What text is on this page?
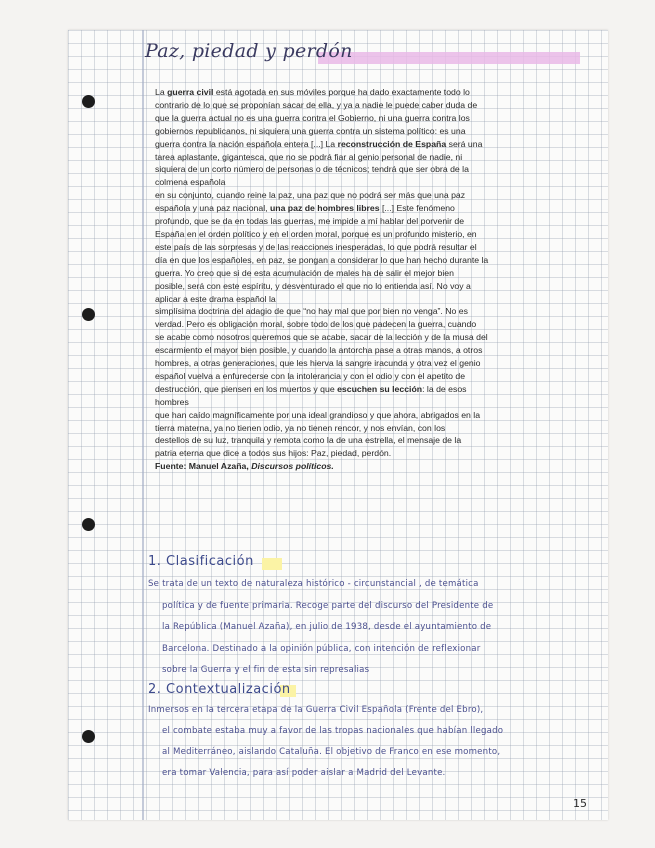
Paz, piedad y perdón

La guerra civil está agotada en sus móviles porque ha dado exactamente todo lo

contrario de lo que se proponían sacar de ella, y ya a nadie le puede caber duda de

que la guerra actual no es una guerra contra el Gobierno, ni una guerra contra los

gobiernos republicanos, ni siquiera una guerra contra un sistema político: es una

guerra contra la nación española entera [...] La reconstrucción de España será una

tarea aplastante, gigantesca, que no se podrá fiar al genio personal de nadie, ni

siquiera de un corto número de personas o de técnicos; tendrá que ser obra de la

colmena española

en su conjunto, cuando reine la paz, una paz que no podrá ser más que una paz

española y una paz nacional, una paz de hombres libres [...] Este fenómeno

profundo, que se da en todas las guerras, me impide a mí hablar del porvenir de

España en el orden político y en el orden moral, porque es un profundo misterio, en

este país de las sorpresas y de las reacciones inesperadas, lo que podrá resultar el

día en que los españoles, en paz, se pongan a considerar lo que han hecho durante la

guerra. Yo creo que si de esta acumulación de males ha de salir el mejor bien

posible, será con este espíritu, y desventurado el que no lo entienda así. No voy a

aplicar a este drama español la

simplísima doctrina del adagio de que “no hay mal que por bien no venga”. No es

verdad. Pero es obligación moral, sobre todo de los que padecen la guerra, cuando

se acabe como nosotros queremos que se acabe, sacar de la lección y de la musa del

escarmiento el mayor bien posible, y cuando la antorcha pase a otras manos, a otros

hombres, a otras generaciones, que les hierva la sangre iracunda y otra vez el genio

español vuelva a enfurecerse con la intolerancia y con el odio y con el apetito de

destrucción, que piensen en los muertos y que escuchen su lección: la de esos

hombres

que han caído magníficamente por una ideal grandioso y que ahora, abrigados en la

tierra materna, ya no tienen odio, ya no tienen rencor, y nos envían, con los

destellos de su luz, tranquila y remota como la de una estrella, el mensaje de la

patria eterna que dice a todos sus hijos: Paz, piedad, perdón.

Fuente: Manuel Azaña, Discursos políticos.

1. Clasificación
Se trata de un texto de naturaleza histórico - circunstancial , de temática
política y de fuente primaria. Recoge parte del discurso del Presidente de
la República (Manuel Azaña), en julio de 1938, desde el ayuntamiento de
Barcelona. Destinado a la opinión pública, con intención de reflexionar
sobre la Guerra y el fin de esta sin represalias
2. Contextualización
Inmersos en la tercera etapa de la Guerra Civil Española (Frente del Ebro),
el combate estaba muy a favor de las tropas nacionales que habían llegado
al Mediterráneo, aislando Cataluña. El objetivo de Franco en ese momento,
era tomar Valencia, para así poder aislar a Madrid del Levante.

15
